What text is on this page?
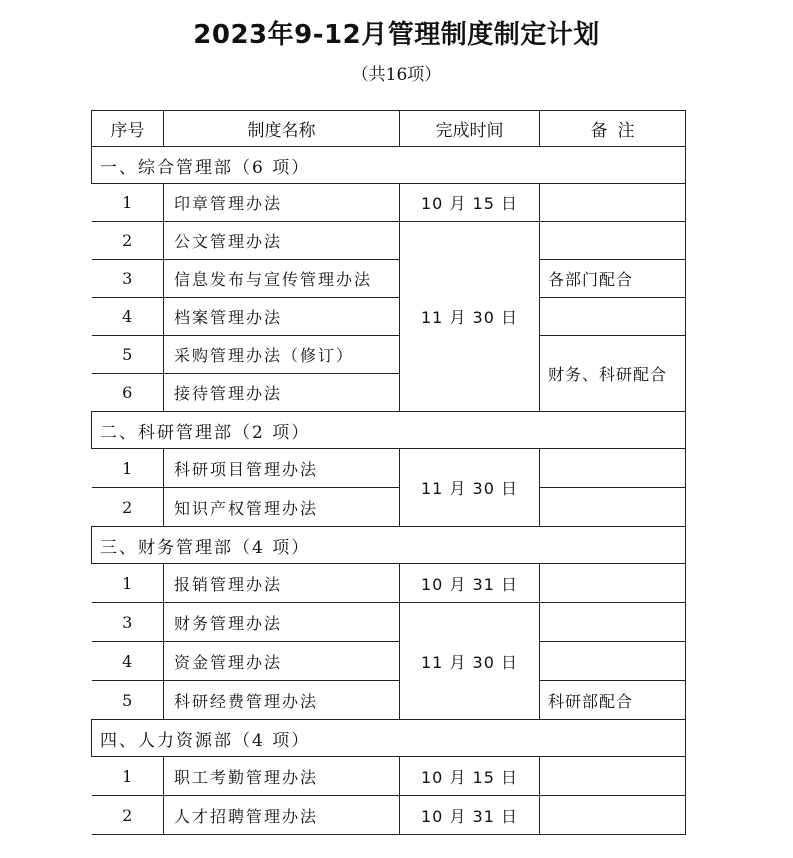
2023年9-12月管理制度制定计划
（共16项）
序号	制度名称	完成时间	备注
一、综合管理部（6 项）			
1	印章管理办法	10 月 15 日	
2	公文管理办法	11 月 30 日	
3	信息发布与宣传管理办法		各部门配合
4	档案管理办法		
5	采购管理办法（修订）		财务、科研配合
6	接待管理办法		
二、科研管理部（2 项）			
1	科研项目管理办法	11 月 30 日	
2	知识产权管理办法		
三、财务管理部（4 项）			
1	报销管理办法	10 月 31 日	
3	财务管理办法	11 月 30 日	
4	资金管理办法		
5	科研经费管理办法		科研部配合
四、人力资源部（4 项）			
1	职工考勤管理办法	10 月 15 日	
2	人才招聘管理办法	10 月 31 日	
